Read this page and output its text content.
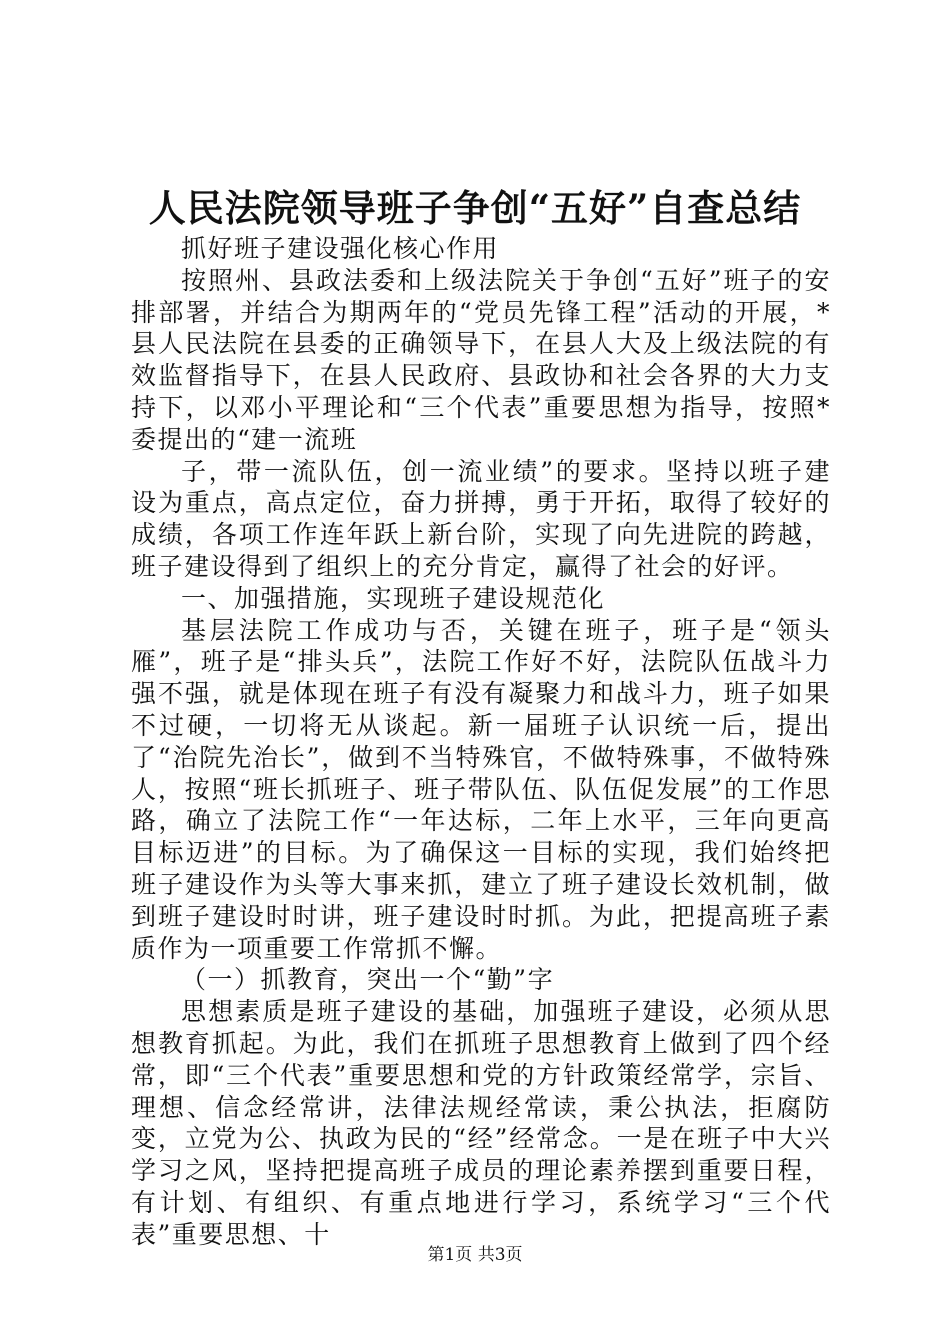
人民法院领导班子争创“五好”自查总结

抓好班子建设强化核心作用

按照州、县政法委和上级法院关于争创“五好”班子的安排部署，并结合为期两年的“党员先锋工程”活动的开展，*县人民法院在县委的正确领导下，在县人大及上级法院的有效监督指导下，在县人民政府、县政协和社会各界的大力支持下，以邓小平理论和“三个代表”重要思想为指导，按照*委提出的“建一流班

子，带一流队伍，创一流业绩”的要求。坚持以班子建设为重点，高点定位，奋力拼搏，勇于开拓，取得了较好的成绩，各项工作连年跃上新台阶，实现了向先进院的跨越，班子建设得到了组织上的充分肯定，赢得了社会的好评。

一、加强措施，实现班子建设规范化

基层法院工作成功与否，关键在班子，班子是“领头雁”，班子是“排头兵”，法院工作好不好，法院队伍战斗力强不强，就是体现在班子有没有凝聚力和战斗力，班子如果不过硬，一切将无从谈起。新一届班子认识统一后，提出了“治院先治长”，做到不当特殊官，不做特殊事，不做特殊人，按照“班长抓班子、班子带队伍、队伍促发展”的工作思路，确立了法院工作“一年达标，二年上水平，三年向更高目标迈进”的目标。为了确保这一目标的实现，我们始终把班子建设作为头等大事来抓，建立了班子建设长效机制，做到班子建设时时讲，班子建设时时抓。为此，把提高班子素质作为一项重要工作常抓不懈。

（一）抓教育，突出一个“勤”字

思想素质是班子建设的基础，加强班子建设，必须从思想教育抓起。为此，我们在抓班子思想教育上做到了四个经常，即“三个代表”重要思想和党的方针政策经常学，宗旨、理想、信念经常讲，法律法规经常读，秉公执法，拒腐防变，立党为公、执政为民的“经”经常念。一是在班子中大兴学习之风，坚持把提高班子成员的理论素养摆到重要日程，有计划、有组织、有重点地进行学习，系统学习“三个代表”重要思想、十

第1页 共3页
